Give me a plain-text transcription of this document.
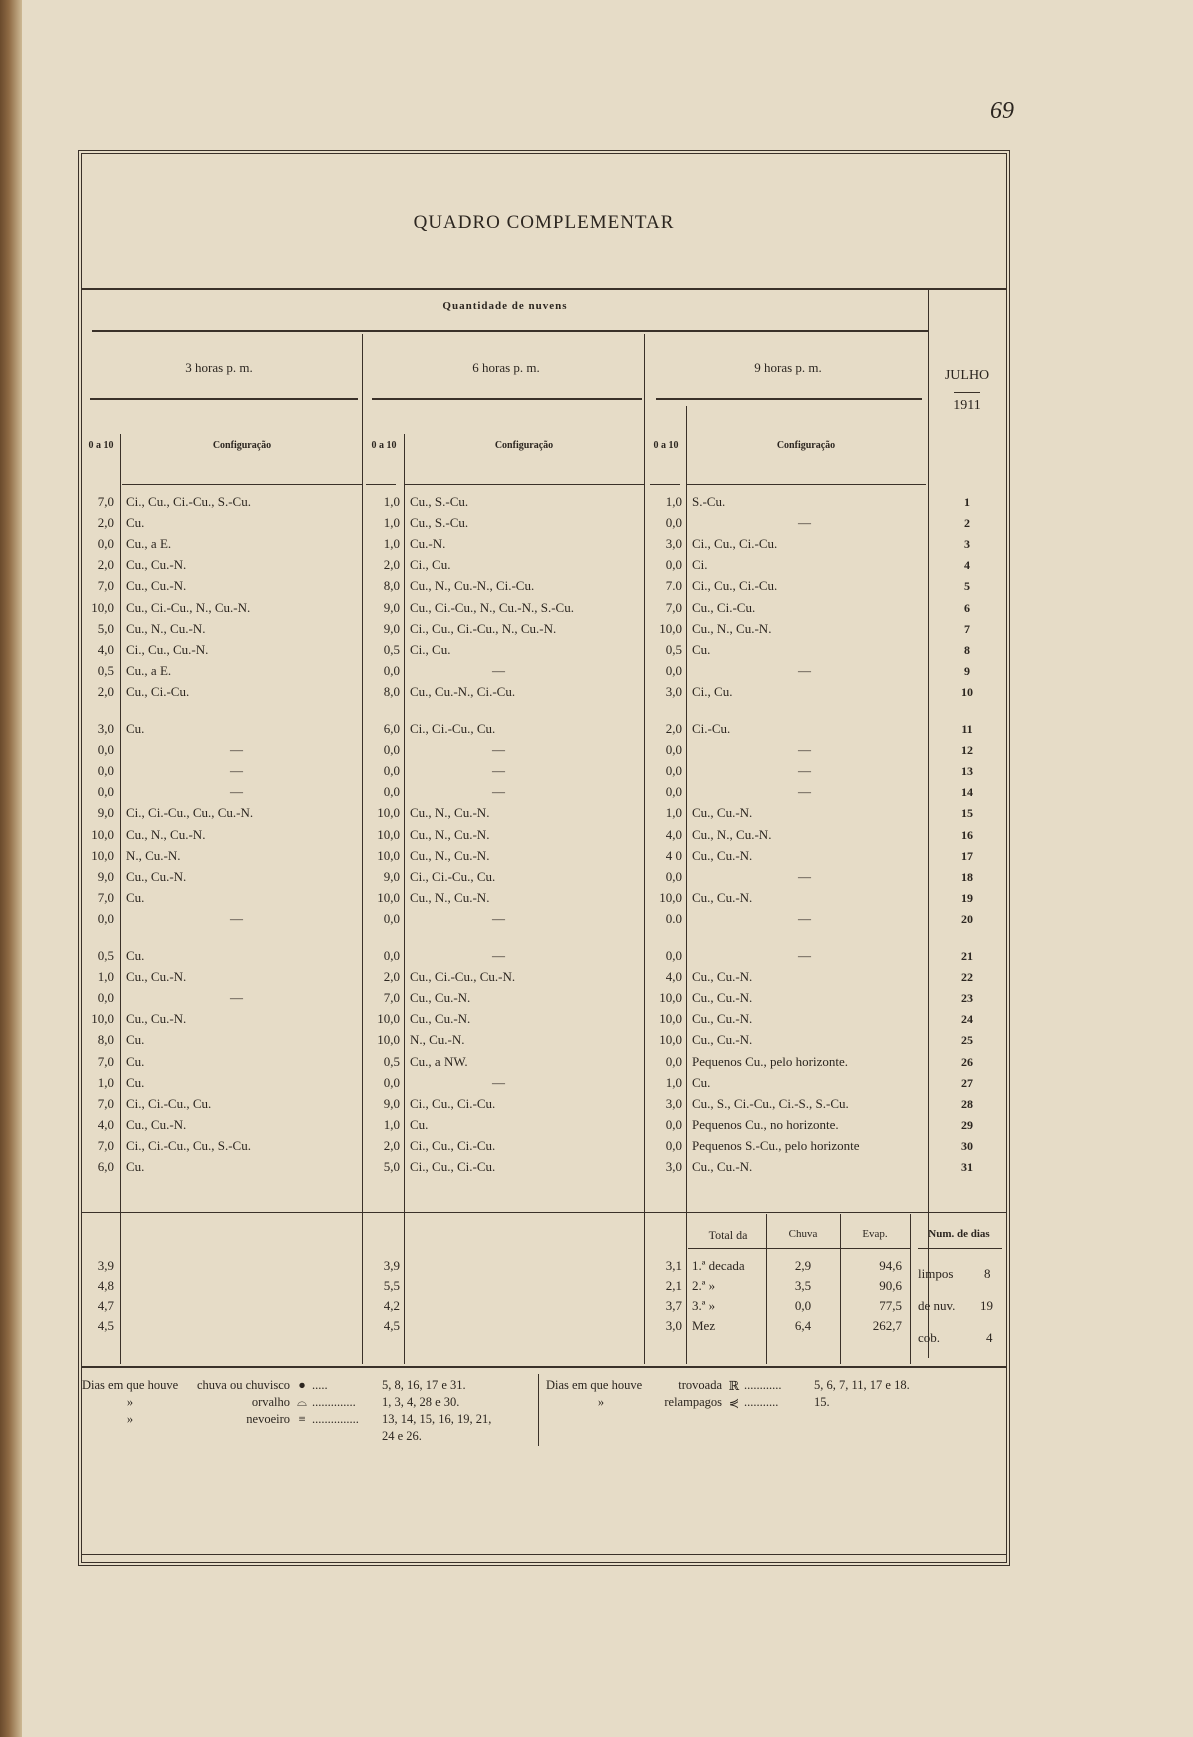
69
QUADRO COMPLEMENTAR
Quantidade de nuvens
3 horas p. m.	6 horas p. m.	9 horas p. m.
JULHO
1911
0 a 10	Configuração	0 a 10	Configuração	0 a 10	Configuração
7,0 Ci., Cu., Ci.-Cu., S.-Cu.	1,0 Cu., S.-Cu.	1,0 S.-Cu.	1
2,0 Cu.	1,0 Cu., S.-Cu.	0,0	—	2
0,0 Cu., a E.	1,0 Cu.-N.	3,0 Ci., Cu., Ci.-Cu.	3
2,0 Cu., Cu.-N.	2,0 Ci., Cu.	0,0 Ci.	4
7,0 Cu., Cu.-N.	8,0 Cu., N., Cu.-N., Ci.-Cu.	7.0 Ci., Cu., Ci.-Cu.	5
10,0 Cu., Ci.-Cu., N., Cu.-N.	9,0 Cu., Ci.-Cu., N., Cu.-N., S.-Cu.	7,0 Cu., Ci.-Cu.	6
5,0 Cu., N., Cu.-N.	9,0 Ci., Cu., Ci.-Cu., N., Cu.-N.	10,0 Cu., N., Cu.-N.	7
4,0 Ci., Cu., Cu.-N.	0,5 Ci., Cu.	0,5 Cu.	8
0,5 Cu., a E.	0,0	—	0,0	—	9
2,0 Cu., Ci.-Cu.	8,0 Cu., Cu.-N., Ci.-Cu.	3,0 Ci., Cu.	10
3,0 Cu.	6,0 Ci., Ci.-Cu., Cu.	2,0 Ci.-Cu.	11
0,0	—	0,0	—	0,0	—	12
0,0	—	0,0	—	0,0	—	13
0,0	—	0,0	—	0,0	—	14
9,0 Ci., Ci.-Cu., Cu., Cu.-N.	10,0 Cu., N., Cu.-N.	1,0 Cu., Cu.-N.	15
10,0 Cu., N., Cu.-N.	10,0 Cu., N., Cu.-N.	4,0 Cu., N., Cu.-N.	16
10,0 N., Cu.-N.	10,0 Cu., N., Cu.-N.	4 0 Cu., Cu.-N.	17
9,0 Cu., Cu.-N.	9,0 Ci., Ci.-Cu., Cu.	0,0	—	18
7,0 Cu.	10,0 Cu., N., Cu.-N.	10,0 Cu., Cu.-N.	19
0,0	—	0,0	—	0.0	—	20
0,5 Cu.	0,0	—	0,0	—	21
1,0 Cu., Cu.-N.	2,0 Cu., Ci.-Cu., Cu.-N.	4,0 Cu., Cu.-N.	22
0,0	—	7,0 Cu., Cu.-N.	10,0 Cu., Cu.-N.	23
10,0 Cu., Cu.-N.	10,0 Cu., Cu.-N.	10,0 Cu., Cu.-N.	24
8,0 Cu.	10,0 N., Cu.-N.	10,0 Cu., Cu.-N.	25
7,0 Cu.	0,5 Cu., a NW.	0,0 Pequenos Cu., pelo horizonte.	26
1,0 Cu.	0,0	—	1,0 Cu.	27
7,0 Ci., Ci.-Cu., Cu.	9,0 Ci., Cu., Ci.-Cu.	3,0 Cu., S., Ci.-Cu., Ci.-S., S.-Cu.	28
4,0 Cu., Cu.-N.	1,0 Cu.	0,0 Pequenos Cu., no horizonte.	29
7,0 Ci., Ci.-Cu., Cu., S.-Cu.	2,0 Ci., Cu., Ci.-Cu.	0,0 Pequenos S.-Cu., pelo horizonte	30
6,0 Cu.	5,0 Ci., Cu., Ci.-Cu.	3,0 Cu., Cu.-N.	31
Total da	Chuva	Evap.	Num. de dias
limpos 8
de nuv. 19
cob.	4
3,9	3,9	3,1 1.ª decada	2,9	94,6
4,8	5,5	2,1 2.ª »	3,5	90,6
4,7	4,2	3,7 3.ª »	0,0	77,5
4,5	4,5	3,0 Mez	6,4	262,7
Dias em que houve	chuva ou chuvisco ● .....	5, 8, 16, 17 e 31.
»	orvalho ⌓ .............. 1, 3, 4, 28 e 30.
»	nevoeiro ≡ ............... 13, 14, 15, 16, 19, 21,
24 e 26.
Dias em que houve	trovoada ℝ ............	5, 6, 7, 11, 17 e 18.
»	relampagos ⋞ ...........	15.
